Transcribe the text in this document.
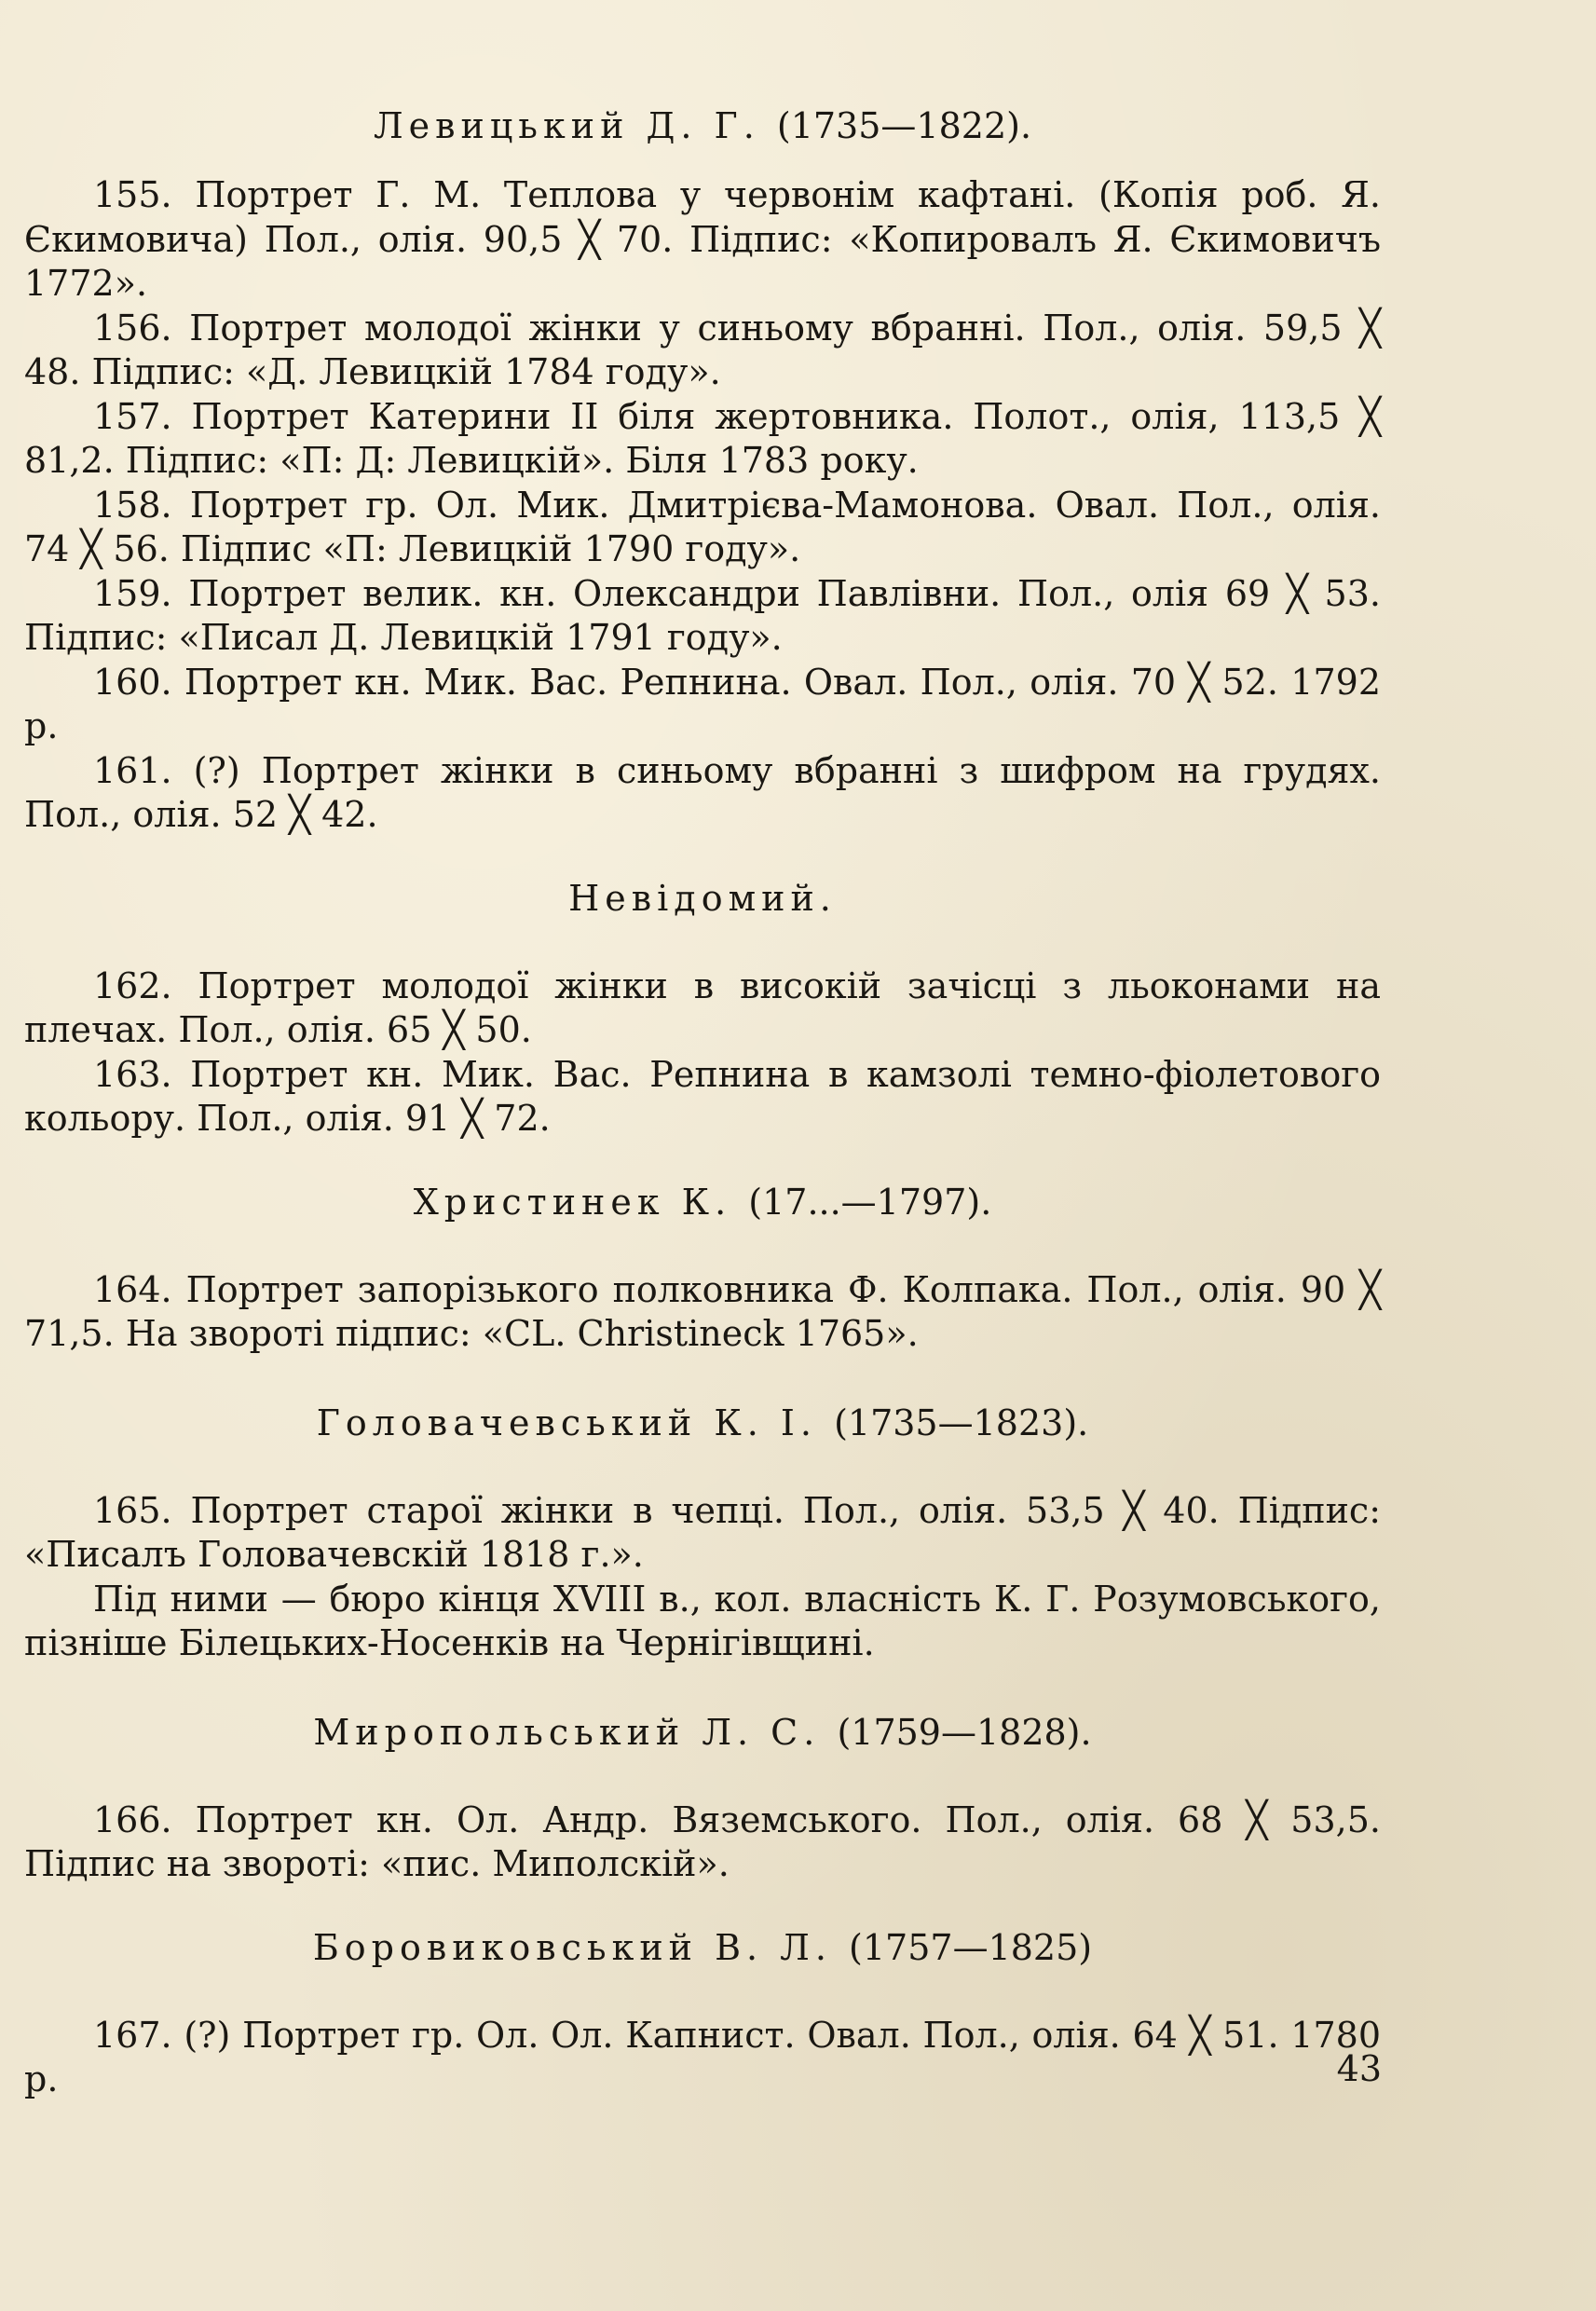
Левицький Д. Г. (1735—1822).

155. Портрет Г. М. Теплова у червонім кафтані. (Копія роб. Я. Єкимовича) Пол., олія. 90,5 ╳ 70. Підпис: «Копировалъ Я. Єкимовичъ 1772».

156. Портрет молодої жінки у синьому вбранні. Пол., олія. 59,5 ╳ 48. Підпис: «Д. Левицкій 1784 году».

157. Портрет Катерини II біля жертовника. Полот., олія, 113,5 ╳ 81,2. Підпис: «П: Д: Левицкій». Біля 1783 року.

158. Портрет гр. Ол. Мик. Дмитрієва-Мамонова. Овал. Пол., олія. 74 ╳ 56. Підпис «П: Левицкій 1790 году».

159. Портрет велик. кн. Олександри Павлівни. Пол., олія 69 ╳ 53. Підпис: «Писал Д. Левицкій 1791 году».

160. Портрет кн. Мик. Вас. Репнина. Овал. Пол., олія. 70 ╳ 52. 1792 р.

161. (?) Портрет жінки в синьому вбранні з шифром на грудях. Пол., олія. 52 ╳ 42.

Невідомий.

162. Портрет молодої жінки в високій зачісці з льоконами на плечах. Пол., олія. 65 ╳ 50.

163. Портрет кн. Мик. Вас. Репнина в камзолі темно-фіолетового кольору. Пол., олія. 91 ╳ 72.

Христинек К. (17...—1797).

164. Портрет запорізького полковника Ф. Колпака. Пол., олія. 90 ╳ 71,5. На звороті підпис: «CL. Christineck 1765».

Головачевський К. І. (1735—1823).

165. Портрет старої жінки в чепці. Пол., олія. 53,5 ╳ 40. Підпис: «Писалъ Головачевскій 1818 г.».

Під ними — бюро кінця XVIII в., кол. власність К. Г. Розумовського, пізніше Білецьких-Носенків на Чернігівщині.

Миропольський Л. С. (1759—1828).

166. Портрет кн. Ол. Андр. Вяземського. Пол., олія. 68 ╳ 53,5. Підпис на звороті: «пис. Миполскій».

Боровиковський В. Л. (1757—1825)

167. (?) Портрет гр. Ол. Ол. Капнист. Овал. Пол., олія. 64 ╳ 51. 1780 р.	43
